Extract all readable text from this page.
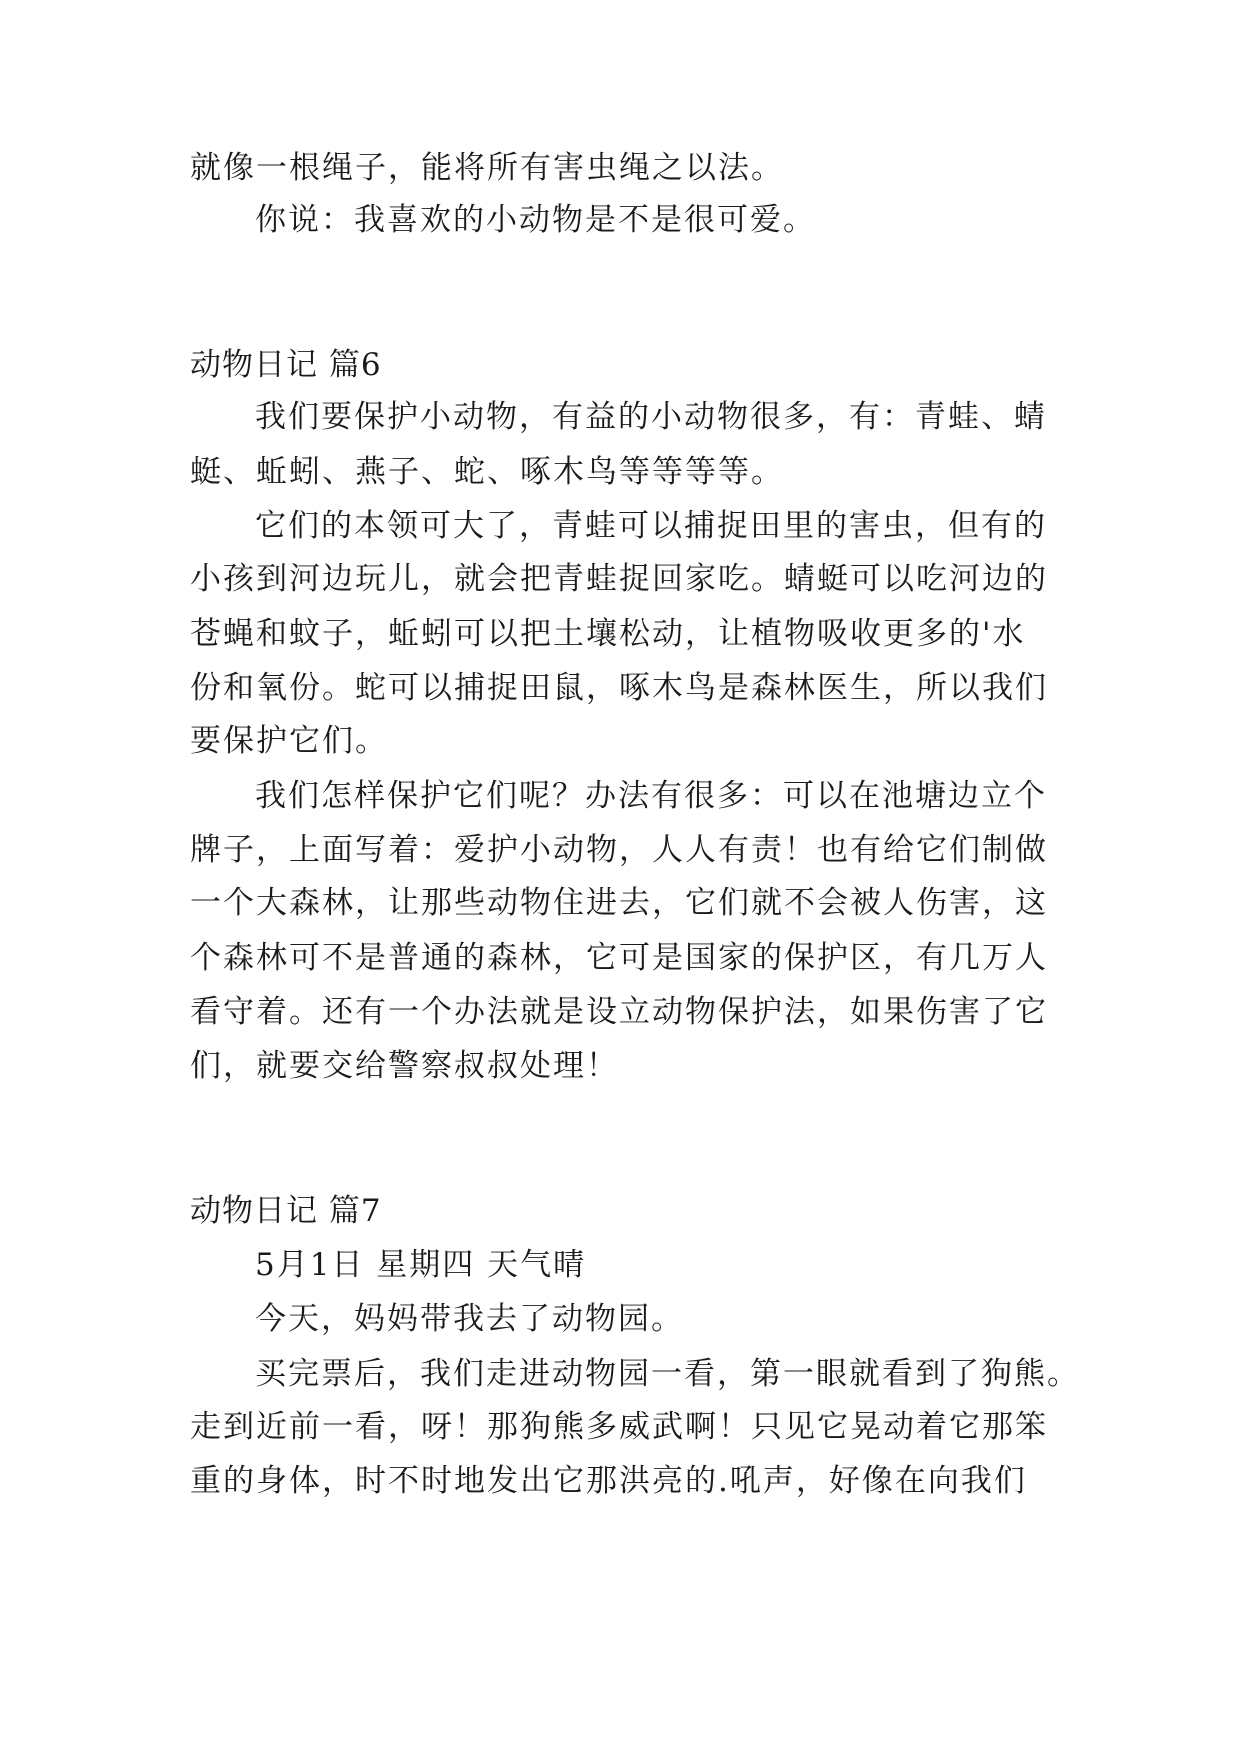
就像一根绳子，能将所有害虫绳之以法。
你说：我喜欢的小动物是不是很可爱。
动物日记 篇6
我们要保护小动物，有益的小动物很多，有：青蛙、蜻
蜓、蚯蚓、燕子、蛇、啄木鸟等等等等。
它们的本领可大了，青蛙可以捕捉田里的害虫，但有的
小孩到河边玩儿，就会把青蛙捉回家吃。蜻蜓可以吃河边的
苍蝇和蚊子，蚯蚓可以把土壤松动，让植物吸收更多的'水
份和氧份。蛇可以捕捉田鼠，啄木鸟是森林医生，所以我们
要保护它们。
我们怎样保护它们呢？办法有很多：可以在池塘边立个
牌子，上面写着：爱护小动物，人人有责！也有给它们制做
一个大森林，让那些动物住进去，它们就不会被人伤害，这
个森林可不是普通的森林，它可是国家的保护区，有几万人
看守着。还有一个办法就是设立动物保护法，如果伤害了它
们，就要交给警察叔叔处理！
动物日记 篇7
5月1日 星期四 天气晴
今天，妈妈带我去了动物园。
买完票后，我们走进动物园一看，第一眼就看到了狗熊。
走到近前一看，呀！那狗熊多威武啊！只见它晃动着它那笨
重的身体，时不时地发出它那洪亮的.吼声，好像在向我们
